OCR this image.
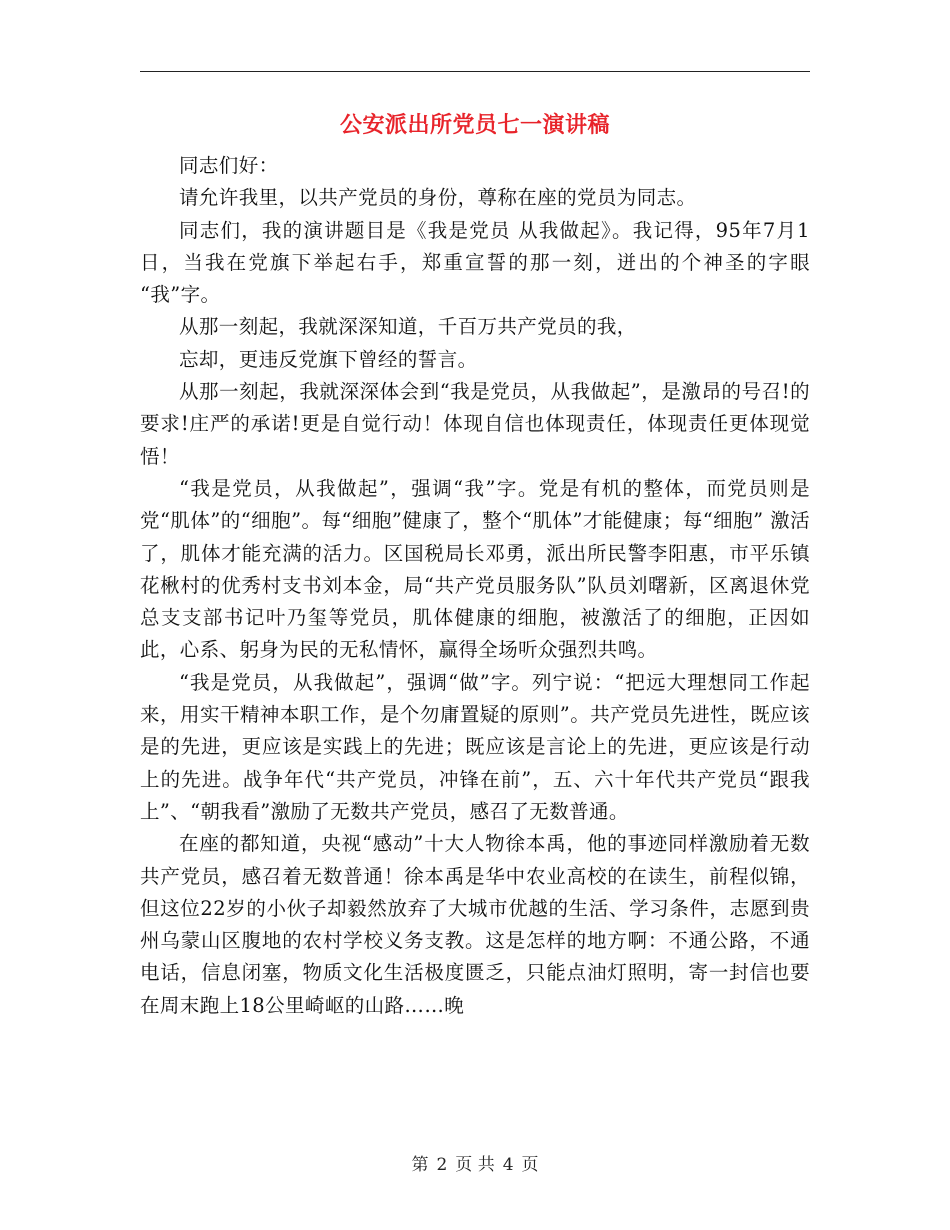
公安派出所党员七一演讲稿

同志们好：

请允许我里，以共产党员的身份，尊称在座的党员为同志。

同志们，我的演讲题目是《我是党员 从我做起》。我记得，95年7月1日，当我在党旗下举起右手，郑重宣誓的那一刻，迸出的个神圣的字眼 “我”字。

从那一刻起，我就深深知道，千百万共产党员的我，

忘却，更违反党旗下曾经的誓言。

从那一刻起，我就深深体会到“我是党员，从我做起”，是激昂的号召!的要求!庄严的承诺!更是自觉行动！体现自信也体现责任，体现责任更体现觉悟！

“我是党员，从我做起”，强调“我”字。党是有机的整体，而党员则是党“肌体”的“细胞”。每“细胞”健康了，整个“肌体”才能健康；每“细胞” 激活了，肌体才能充满的活力。区国税局长邓勇，派出所民警李阳惠，市平乐镇花楸村的优秀村支书刘本金，局“共产党员服务队”队员刘曙新，区离退休党总支支部书记叶乃玺等党员，肌体健康的细胞，被激活了的细胞，正因如此，心系、躬身为民的无私情怀，赢得全场听众强烈共鸣。

“我是党员，从我做起”，强调“做”字。列宁说：“把远大理想同工作起来，用实干精神本职工作，是个勿庸置疑的原则”。共产党员先进性，既应该是的先进，更应该是实践上的先进；既应该是言论上的先进，更应该是行动上的先进。战争年代“共产党员，冲锋在前”，五、六十年代共产党员“跟我上”、“朝我看”激励了无数共产党员，感召了无数普通。

在座的都知道，央视“感动”十大人物徐本禹，他的事迹同样激励着无数共产党员，感召着无数普通！徐本禹是华中农业高校的在读生，前程似锦，但这位22岁的小伙子却毅然放弃了大城市优越的生活、学习条件，志愿到贵州乌蒙山区腹地的农村学校义务支教。这是怎样的地方啊：不通公路，不通电话，信息闭塞，物质文化生活极度匮乏，只能点油灯照明，寄一封信也要在周末跑上18公里崎岖的山路……晚

第 2 页 共 4 页
